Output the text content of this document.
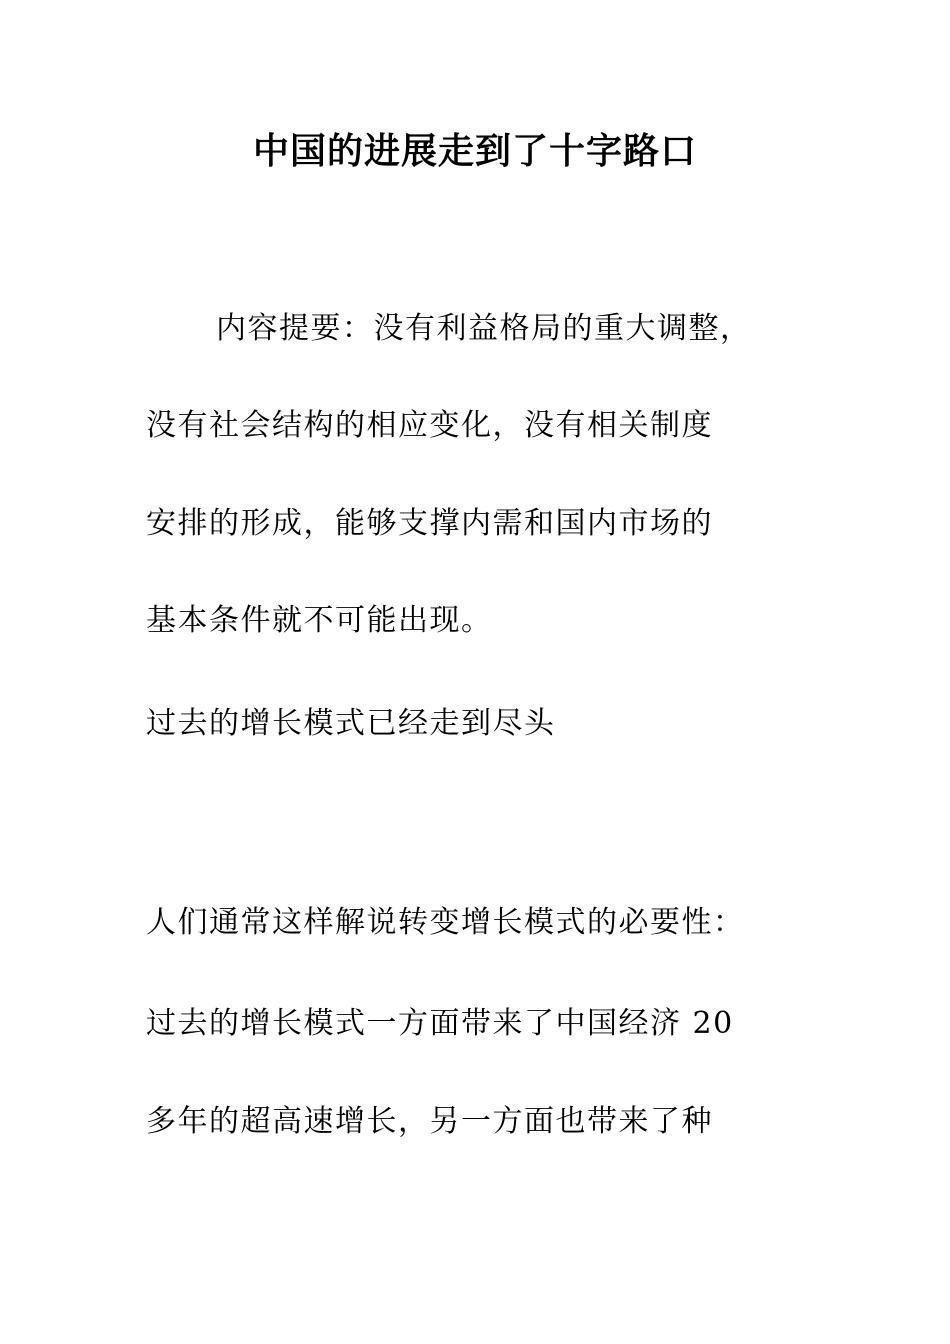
中国的进展走到了十字路口
内容提要：没有利益格局的重大调整，
没有社会结构的相应变化，没有相关制度
安排的形成，能够支撑内需和国内市场的
基本条件就不可能出现。
过去的增长模式已经走到尽头
人们通常这样解说转变增长模式的必要性：
过去的增长模式一方面带来了中国经济 20
多年的超高速增长，另一方面也带来了种
